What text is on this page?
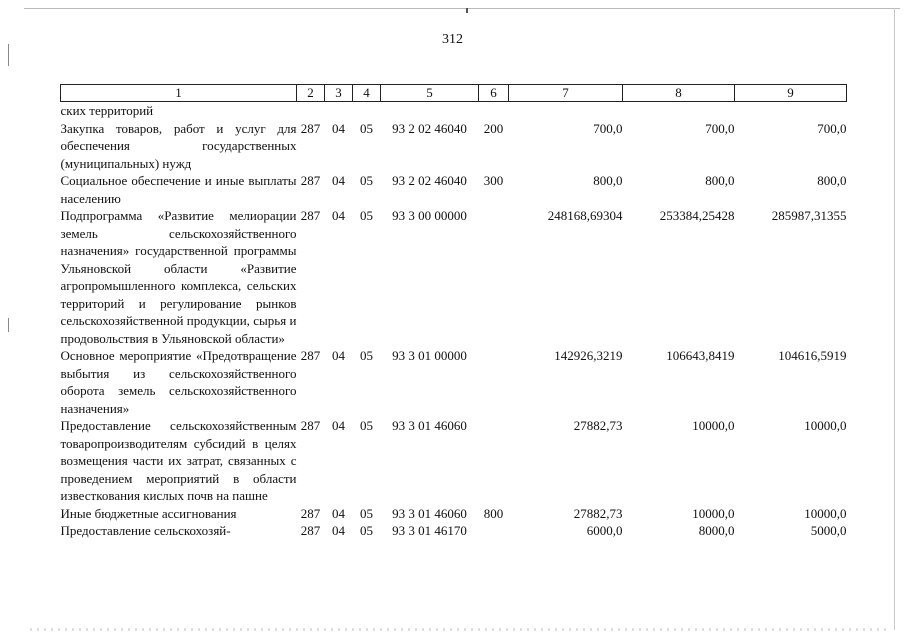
312
1	2	3	4	5	6	7	8	9
ских территорий								
Закупка товаров, работ и услуг для обеспечения государственных (муниципальных) нужд	287	04	05	93 2 02 46040	200	700,0	700,0	700,0
Социальное обеспечение и иные выплаты населению	287	04	05	93 2 02 46040	300	800,0	800,0	800,0
Подпрограмма «Развитие мелиорации земель сельскохозяйственного назначения» государственной программы Ульяновской области «Развитие агропромышленного комплекса, сельских территорий и регулирование рынков сельскохозяйственной продукции, сырья и продовольствия в Ульяновской области»	287	04	05	93 3 00 00000		248168,69304	253384,25428	285987,31355
Основное мероприятие «Предотвращение выбытия из сельскохозяйственного оборота земель сельскохозяйственного назначения»	287	04	05	93 3 01 00000		142926,3219	106643,8419	104616,5919
Предоставление сельскохозяйственным товаропроизводителям субсидий в целях возмещения части их затрат, связанных с проведением мероприятий в области известкования кислых почв на пашне	287	04	05	93 3 01 46060		27882,73	10000,0	10000,0
Иные бюджетные ассигнования	287	04	05	93 3 01 46060	800	27882,73	10000,0	10000,0
Предоставление сельскохозяй-	287	04	05	93 3 01 46170		6000,0	8000,0	5000,0
